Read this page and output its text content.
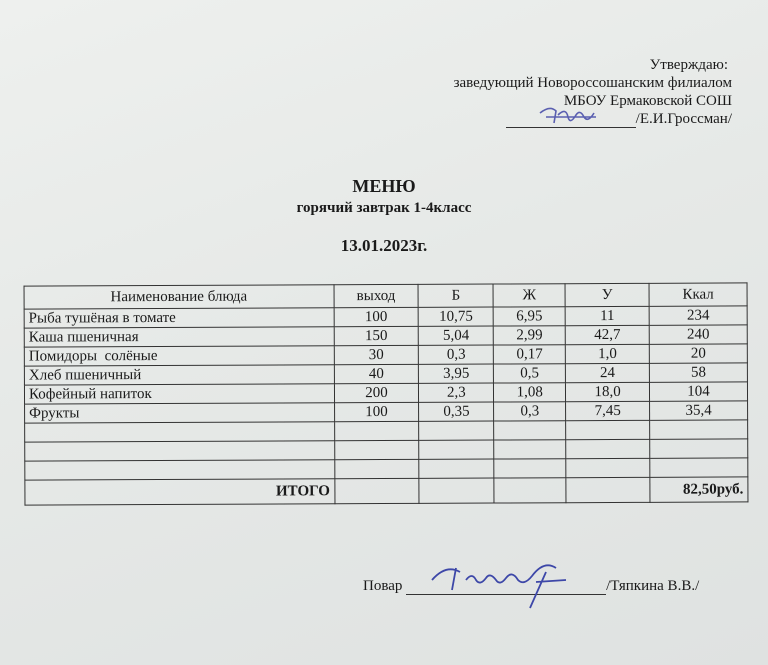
Утверждаю:
заведующий Новороссошанским филиалом
МБОУ Ермаковской СОШ
/Е.И.Гроссман/
МЕНЮ
горячий завтрак 1-4класс
13.01.2023г.
Наименование блюда	выход	Б	Ж	У	Ккал
Рыба тушёная в томате	100	10,75	6,95	11	234
Каша пшеничная	150	5,04	2,99	42,7	240
Помидоры  солёные	30	0,3	0,17	1,0	20
Хлеб пшеничный	40	3,95	0,5	24	58
Кофейный напиток	200	2,3	1,08	18,0	104
Фрукты	100	0,35	0,3	7,45	35,4

ИТОГО					82,50руб.
Повар	/Тяпкина В.В./
